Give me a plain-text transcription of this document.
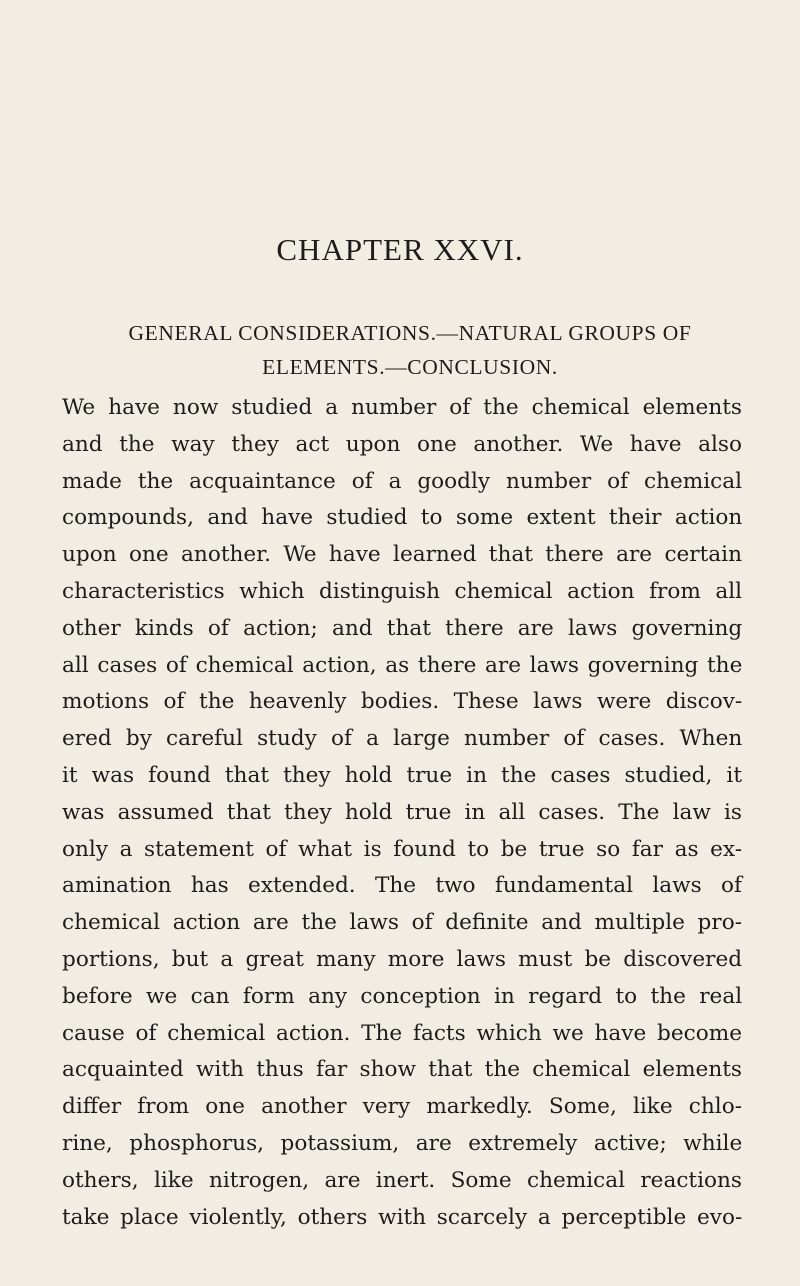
CHAPTER XXVI.
GENERAL CONSIDERATIONS.—NATURAL GROUPS OF
ELEMENTS.—CONCLUSION.
We have now studied a number of the chemical elements
and the way they act upon one another. We have also
made the acquaintance of a goodly number of chemical
compounds, and have studied to some extent their action
upon one another. We have learned that there are certain
characteristics which distinguish chemical action from all
other kinds of action; and that there are laws governing
all cases of chemical action, as there are laws governing the
motions of the heavenly bodies. These laws were discov-
ered by careful study of a large number of cases. When
it was found that they hold true in the cases studied, it
was assumed that they hold true in all cases. The law is
only a statement of what is found to be true so far as ex-
amination has extended. The two fundamental laws of
chemical action are the laws of definite and multiple pro-
portions, but a great many more laws must be discovered
before we can form any conception in regard to the real
cause of chemical action. The facts which we have become
acquainted with thus far show that the chemical elements
differ from one another very markedly. Some, like chlo-
rine, phosphorus, potassium, are extremely active; while
others, like nitrogen, are inert. Some chemical reactions
take place violently, others with scarcely a perceptible evo-
